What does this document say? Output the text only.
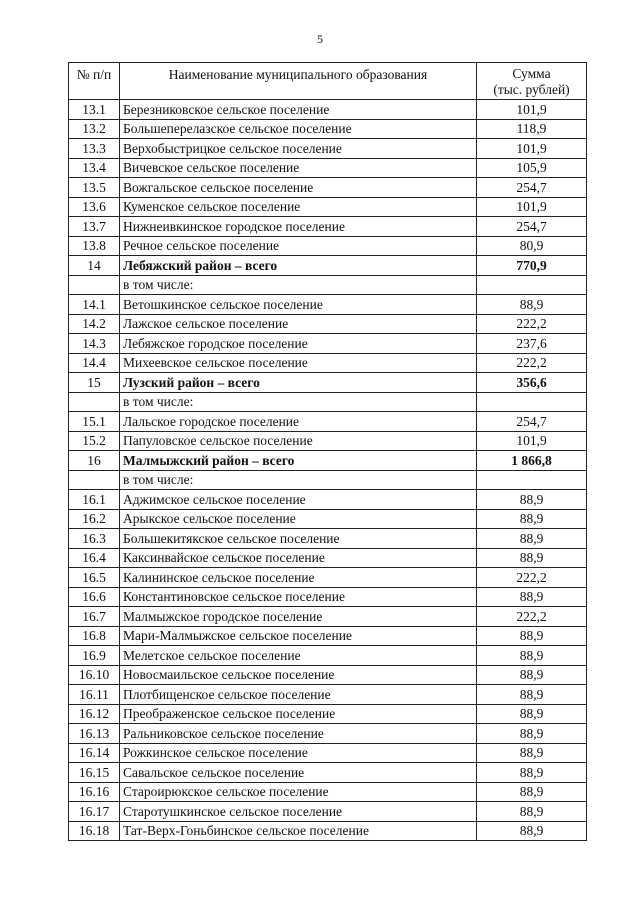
5
№ п/п	Наименование муниципального образования	Сумма
(тыс. рублей)
13.1	Березниковское сельское поселение	101,9
13.2	Большеперелазское сельское поселение	118,9
13.3	Верхобыстрицкое сельское поселение	101,9
13.4	Вичевское сельское поселение	105,9
13.5	Вожгальское сельское поселение	254,7
13.6	Куменское сельское поселение	101,9
13.7	Нижнеивкинское городское поселение	254,7
13.8	Речное сельское поселение	80,9
14	Лебяжский район – всего	770,9
	в том числе:	
14.1	Ветошкинское сельское поселение	88,9
14.2	Лажское сельское поселение	222,2
14.3	Лебяжское городское поселение	237,6
14.4	Михеевское сельское поселение	222,2
15	Лузский район – всего	356,6
	в том числе:	
15.1	Лальское городское поселение	254,7
15.2	Папуловское сельское поселение	101,9
16	Малмыжский район – всего	1 866,8
	в том числе:	
16.1	Аджимское сельское поселение	88,9
16.2	Арыкское сельское поселение	88,9
16.3	Большекитякское сельское поселение	88,9
16.4	Каксинвайское сельское поселение	88,9
16.5	Калининское сельское поселение	222,2
16.6	Константиновское сельское поселение	88,9
16.7	Малмыжское городское поселение	222,2
16.8	Мари-Малмыжское сельское поселение	88,9
16.9	Мелетское сельское поселение	88,9
16.10	Новосмаильское сельское поселение	88,9
16.11	Плотбищенское сельское поселение	88,9
16.12	Преображенское сельское поселение	88,9
16.13	Ральниковское сельское поселение	88,9
16.14	Рожкинское сельское поселение	88,9
16.15	Савальское сельское поселение	88,9
16.16	Староирюкское сельское поселение	88,9
16.17	Старотушкинское сельское поселение	88,9
16.18	Тат-Верх-Гоньбинское сельское поселение	88,9
